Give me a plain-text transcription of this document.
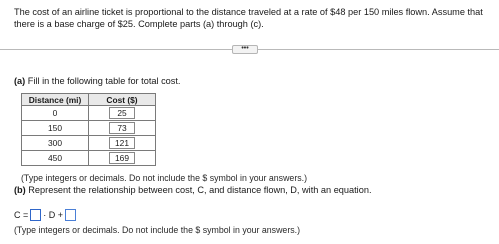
The cost of an airline ticket is proportional to the distance traveled at a rate of $48 per 150 miles flown. Assume that there is a base charge of $25. Complete parts (a) through (c).
•••
(a) Fill in the following table for total cost.
Distance (mi)	Cost ($)
0	25
150	73
300	121
450	169
(Type integers or decimals. Do not include the $ symbol in your answers.)
(b) Represent the relationship between cost, C, and distance flown, D, with an equation.
C = · D +
(Type integers or decimals. Do not include the $ symbol in your answers.)
